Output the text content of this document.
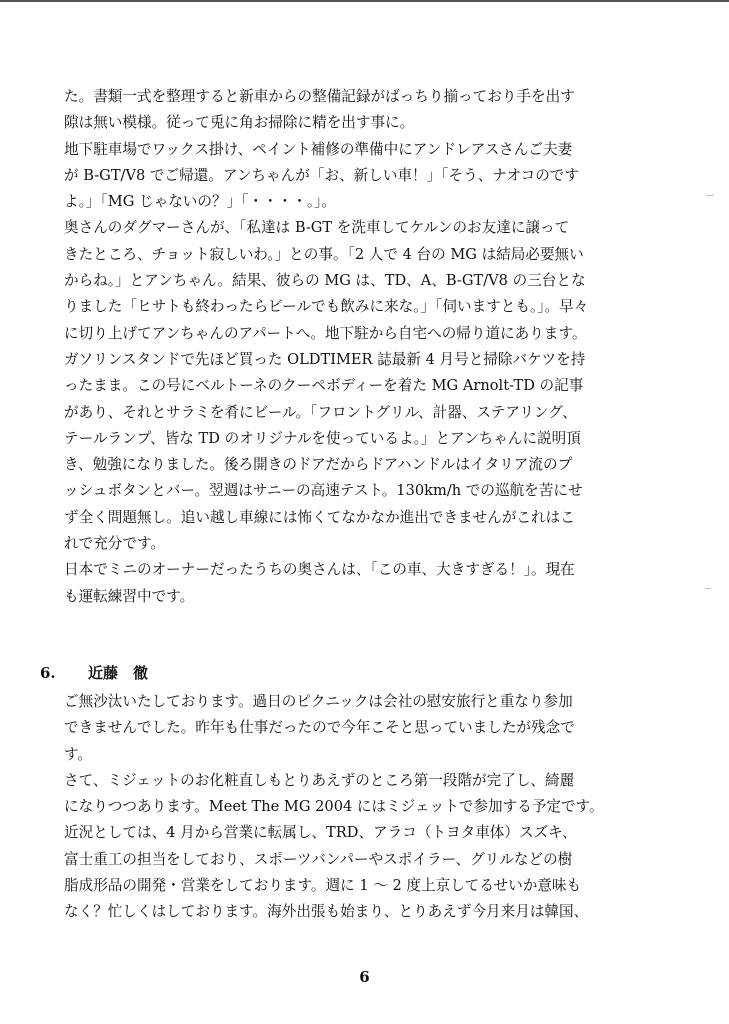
た。書類一式を整理すると新車からの整備記録がばっちり揃っており手を出す
隙は無い模様。従って兎に角お掃除に精を出す事に。

地下駐車場でワックス掛け、ペイント補修の準備中にアンドレアスさんご夫妻
が B-GT/V8 でご帰還。アンちゃんが「お、新しい車！」「そう、ナオコのです
よ。」「MG じゃないの？」「・・・・。」。

奥さんのダグマーさんが、「私達は B-GT を洗車してケルンのお友達に譲って
きたところ、チョット寂しいわ。」との事。「2 人で 4 台の MG は結局必要無い
からね。」とアンちゃん。結果、彼らの MG は、TD、A、B-GT/V8 の三台とな
りました「ヒサトも終わったらビールでも飲みに来な。」「伺いますとも。」。早々
に切り上げてアンちゃんのアパートへ。地下駐から自宅への帰り道にあります。
ガソリンスタンドで先ほど買った OLDTIMER 誌最新 4 月号と掃除バケツを持
ったまま。この号にベルトーネのクーペボディーを着た MG Arnolt-TD の記事
があり、それとサラミを肴にビール。「フロントグリル、計器、ステアリング、
テールランプ、皆な TD のオリジナルを使っているよ。」とアンちゃんに説明頂
き、勉強になりました。後ろ開きのドアだからドアハンドルはイタリア流のプ
ッシュボタンとバー。翌週はサニーの高速テスト。130km/h での巡航を苦にせ
ず全く問題無し。追い越し車線には怖くてなかなか進出できませんがこれはこ
れで充分です。

日本でミニのオーナーだったうちの奥さんは、「この車、大きすぎる！」。現在
も運転練習中です。

6. 近藤　徹

ご無沙汰いたしております。過日のピクニックは会社の慰安旅行と重なり参加
できませんでした。昨年も仕事だったので今年こそと思っていましたが残念で
す。

さて、ミジェットのお化粧直しもとりあえずのところ第一段階が完了し、綺麗
になりつつあります。Meet The MG 2004 にはミジェットで参加する予定です。
近況としては、4 月から営業に転属し、TRD、アラコ（トヨタ車体）スズキ、
富士重工の担当をしており、スポーツバンパーやスポイラー、グリルなどの樹
脂成形品の開発・営業をしております。週に 1 ～ 2 度上京してるせいか意味も
なく？忙しくはしております。海外出張も始まり、とりあえず今月来月は韓国、

6
